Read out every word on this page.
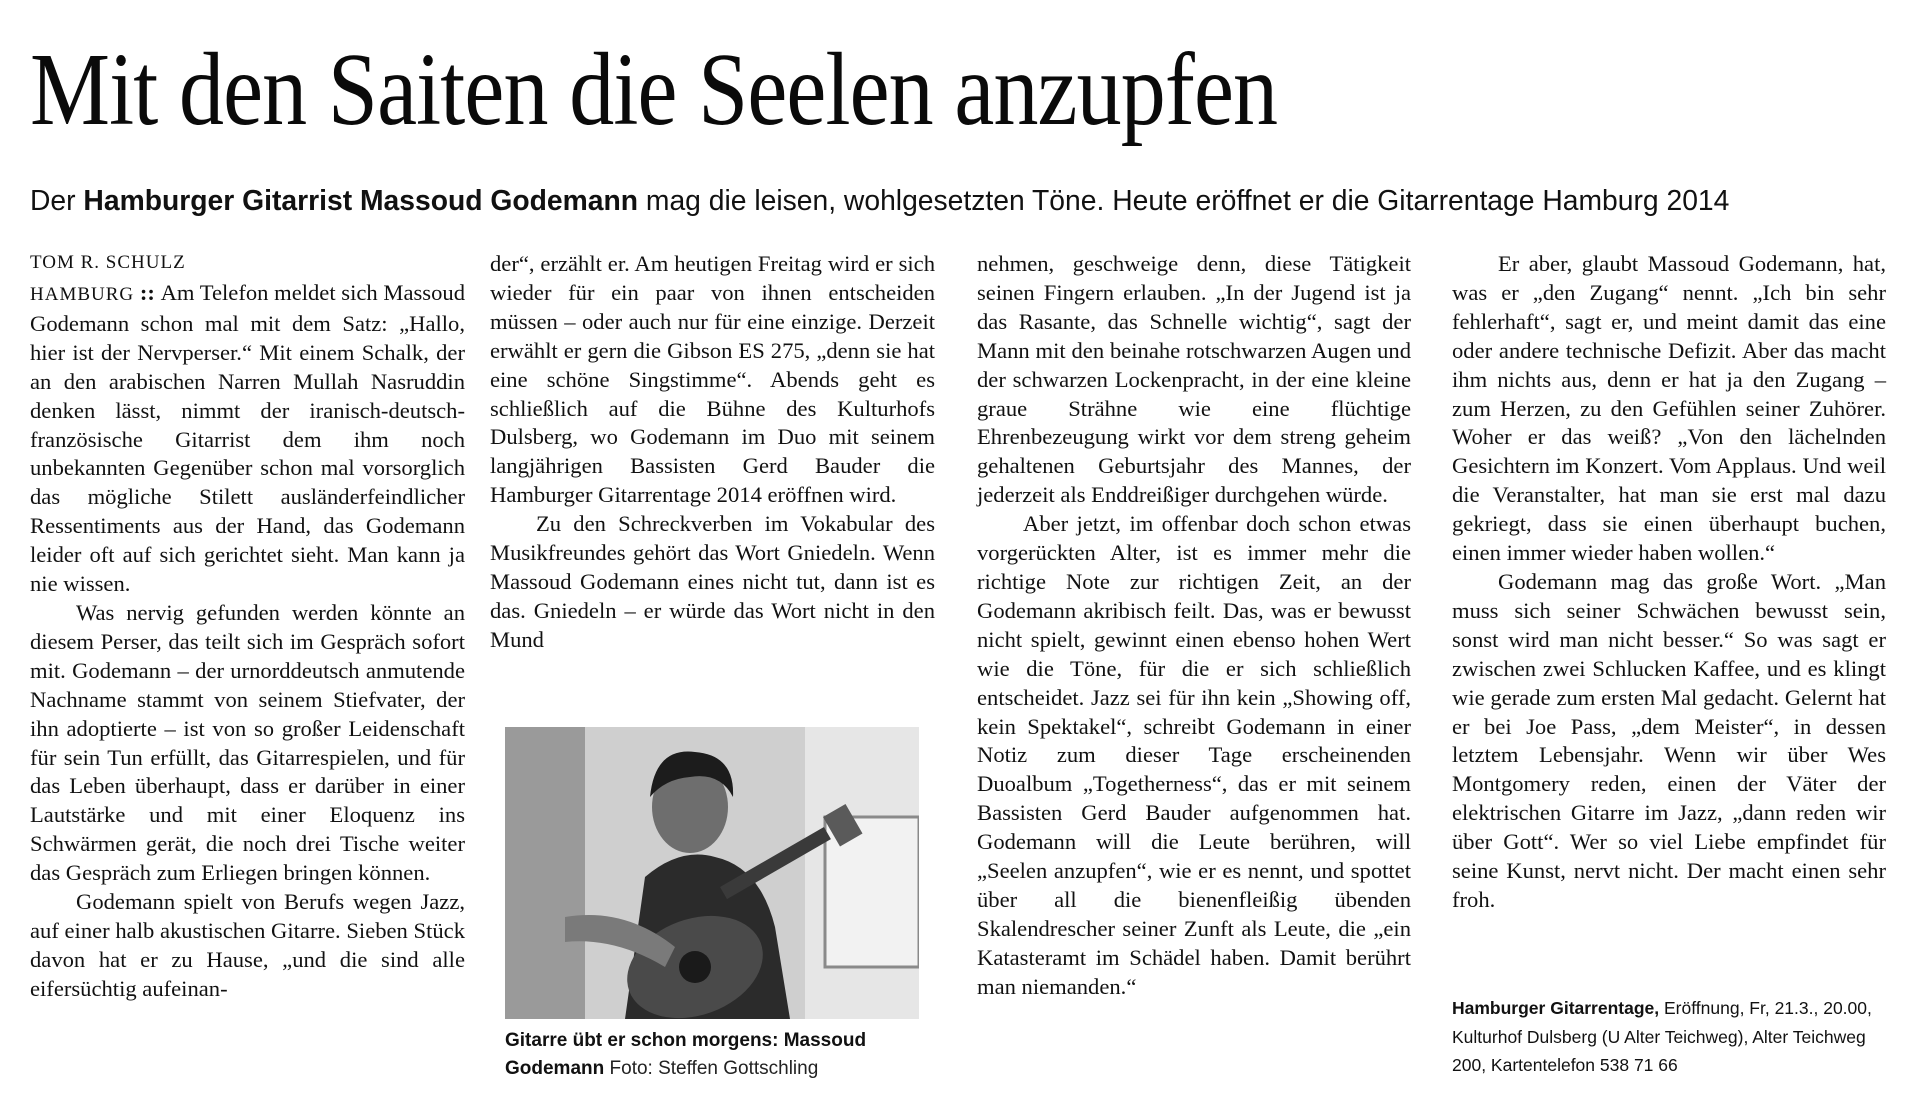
Mit den Saiten die Seelen anzupfen
Der Hamburger Gitarrist Massoud Godemann mag die leisen, wohlgesetzten Töne. Heute eröffnet er die Gitarrentage Hamburg 2014
TOM R. SCHULZ

HAMBURG :: Am Telefon meldet sich Massoud Godemann schon mal mit dem Satz: „Hallo, hier ist der Nervperser.“ Mit einem Schalk, der an den arabischen Narren Mullah Nasruddin denken lässt, nimmt der iranisch-deutsch-französische Gitarrist dem ihm noch unbekannten Gegenüber schon mal vorsorglich das mögliche Stilett ausländerfeindlicher Ressentiments aus der Hand, das Godemann leider oft auf sich gerichtet sieht. Man kann ja nie wissen.

Was nervig gefunden werden könnte an diesem Perser, das teilt sich im Gespräch sofort mit. Godemann – der urnorddeutsch anmutende Nachname stammt von seinem Stiefvater, der ihn adoptierte – ist von so großer Leidenschaft für sein Tun erfüllt, das Gitarrespielen, und für das Leben überhaupt, dass er darüber in einer Lautstärke und mit einer Eloquenz ins Schwärmen gerät, die noch drei Tische weiter das Gespräch zum Erliegen bringen können.

Godemann spielt von Berufs wegen Jazz, auf einer halb akustischen Gitarre. Sieben Stück davon hat er zu Hause, „und die sind alle eifersüchtig aufeinan-

der“, erzählt er. Am heutigen Freitag wird er sich wieder für ein paar von ihnen entscheiden müssen – oder auch nur für eine einzige. Derzeit erwählt er gern die Gibson ES 275, „denn sie hat eine schöne Singstimme“. Abends geht es schließlich auf die Bühne des Kulturhofs Dulsberg, wo Godemann im Duo mit seinem langjährigen Bassisten Gerd Bauder die Hamburger Gitarrentage 2014 eröffnen wird.

Zu den Schreckverben im Vokabular des Musikfreundes gehört das Wort Gniedeln. Wenn Massoud Godemann eines nicht tut, dann ist es das. Gniedeln – er würde das Wort nicht in den Mund

Gitarre übt er schon morgens: Massoud Godemann Foto: Steffen Gottschling

nehmen, geschweige denn, diese Tätigkeit seinen Fingern erlauben. „In der Jugend ist ja das Rasante, das Schnelle wichtig“, sagt der Mann mit den beinahe rotschwarzen Augen und der schwarzen Lockenpracht, in der eine kleine graue Strähne wie eine flüchtige Ehrenbezeugung wirkt vor dem streng geheim gehaltenen Geburtsjahr des Mannes, der jederzeit als Enddreißiger durchgehen würde.

Aber jetzt, im offenbar doch schon etwas vorgerückten Alter, ist es immer mehr die richtige Note zur richtigen Zeit, an der Godemann akribisch feilt. Das, was er bewusst nicht spielt, gewinnt einen ebenso hohen Wert wie die Töne, für die er sich schließlich entscheidet. Jazz sei für ihn kein „Showing off, kein Spektakel“, schreibt Godemann in einer Notiz zum dieser Tage erscheinenden Duoalbum „Togetherness“, das er mit seinem Bassisten Gerd Bauder aufgenommen hat. Godemann will die Leute berühren, will „Seelen anzupfen“, wie er es nennt, und spottet über all die bienenfleißig übenden Skalendrescher seiner Zunft als Leute, die „ein Katasteramt im Schädel haben. Damit berührt man niemanden.“

Er aber, glaubt Massoud Godemann, hat, was er „den Zugang“ nennt. „Ich bin sehr fehlerhaft“, sagt er, und meint damit das eine oder andere technische Defizit. Aber das macht ihm nichts aus, denn er hat ja den Zugang – zum Herzen, zu den Gefühlen seiner Zuhörer. Woher er das weiß? „Von den lächelnden Gesichtern im Konzert. Vom Applaus. Und weil die Veranstalter, hat man sie erst mal dazu gekriegt, dass sie einen überhaupt buchen, einen immer wieder haben wollen.“

Godemann mag das große Wort. „Man muss sich seiner Schwächen bewusst sein, sonst wird man nicht besser.“ So was sagt er zwischen zwei Schlucken Kaffee, und es klingt wie gerade zum ersten Mal gedacht. Gelernt hat er bei Joe Pass, „dem Meister“, in dessen letztem Lebensjahr. Wenn wir über Wes Montgomery reden, einen der Väter der elektrischen Gitarre im Jazz, „dann reden wir über Gott“. Wer so viel Liebe empfindet für seine Kunst, nervt nicht. Der macht einen sehr froh.

Hamburger Gitarrentage, Eröffnung, Fr, 21.3., 20.00, Kulturhof Dulsberg (U Alter Teichweg), Alter Teichweg 200, Kartentelefon 538 71 66
